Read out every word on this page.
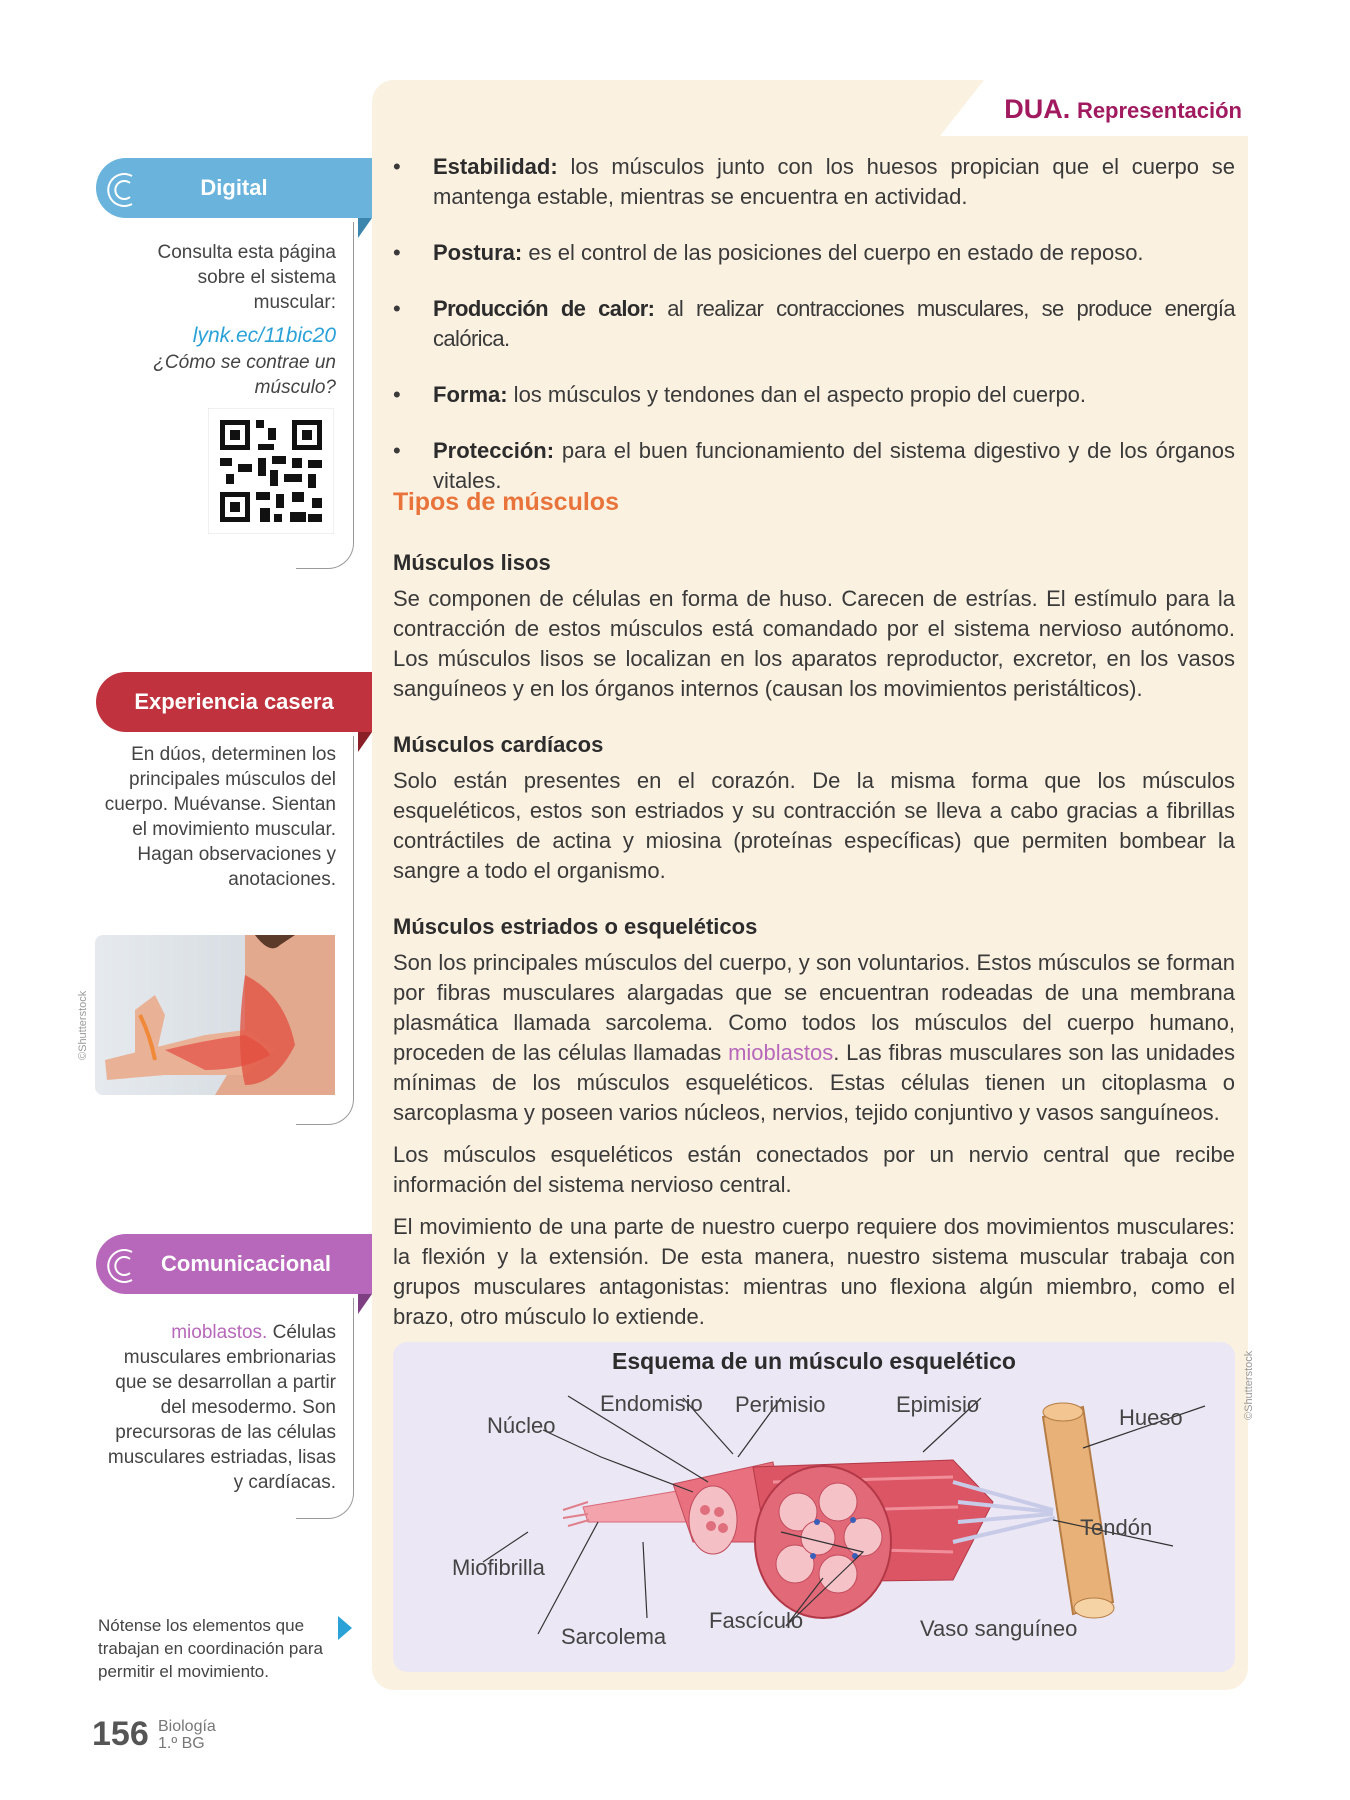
DUA. Representación
• Estabilidad: los músculos junto con los huesos propician que el cuerpo se mantenga estable, mientras se encuentra en actividad.
• Postura: es el control de las posiciones del cuerpo en estado de reposo.
• Producción de calor: al realizar contracciones musculares, se produce energía calórica.
• Forma: los músculos y tendones dan el aspecto propio del cuerpo.
• Protección: para el buen funcionamiento del sistema digestivo y de los órganos vitales.
Tipos de músculos
Músculos lisos
Se componen de células en forma de huso. Carecen de estrías. El estímulo para la contracción de estos músculos está comandado por el sistema nervioso autónomo. Los músculos lisos se localizan en los aparatos reproductor, excretor, en los vasos sanguíneos y en los órganos internos (causan los movimientos peristálticos).
Músculos cardíacos
Solo están presentes en el corazón. De la misma forma que los músculos esqueléticos, estos son estriados y su contracción se lleva a cabo gracias a fibrillas contráctiles de actina y miosina (proteínas específicas) que permiten bombear la sangre a todo el organismo.
Músculos estriados o esqueléticos
Son los principales músculos del cuerpo, y son voluntarios. Estos músculos se forman por fibras musculares alargadas que se encuentran rodeadas de una membrana plasmática llamada sarcolema. Como todos los músculos del cuerpo humano, proceden de las células llamadas mioblastos. Las fibras musculares son las unidades mínimas de los músculos esqueléticos. Estas células tienen un citoplasma o sarcoplasma y poseen varios núcleos, nervios, tejido conjuntivo y vasos sanguíneos.
Los músculos esqueléticos están conectados por un nervio central que recibe información del sistema nervioso central.
El movimiento de una parte de nuestro cuerpo requiere dos movimientos musculares: la flexión y la extensión. De esta manera, nuestro sistema muscular trabaja con grupos musculares antagonistas: mientras uno flexiona algún miembro, como el brazo, otro músculo lo extiende.
Esquema de un músculo esquelético	©Shutterstock
Núcleo
Endomisio Perimisio	Epimisio
Hueso
Tendón
Miofibrilla
Sarcolema
Fascículo	Vaso sanguíneo
Digital
Consulta esta página sobre el sistema muscular:
lynk.ec/11bic20
¿Cómo se contrae un músculo?
Experiencia casera
En dúos, determinen los principales músculos del cuerpo. Muévanse. Sientan el movimiento muscular. Hagan observaciones y anotaciones.
©Shutterstock
Comunicacional
mioblastos. Células musculares embrionarias que se desarrollan a partir del mesodermo. Son precursoras de las células musculares estriadas, lisas y cardíacas.
Nótense los elementos que trabajan en coordinación para permitir el movimiento.
156 Biología
1.º BG
